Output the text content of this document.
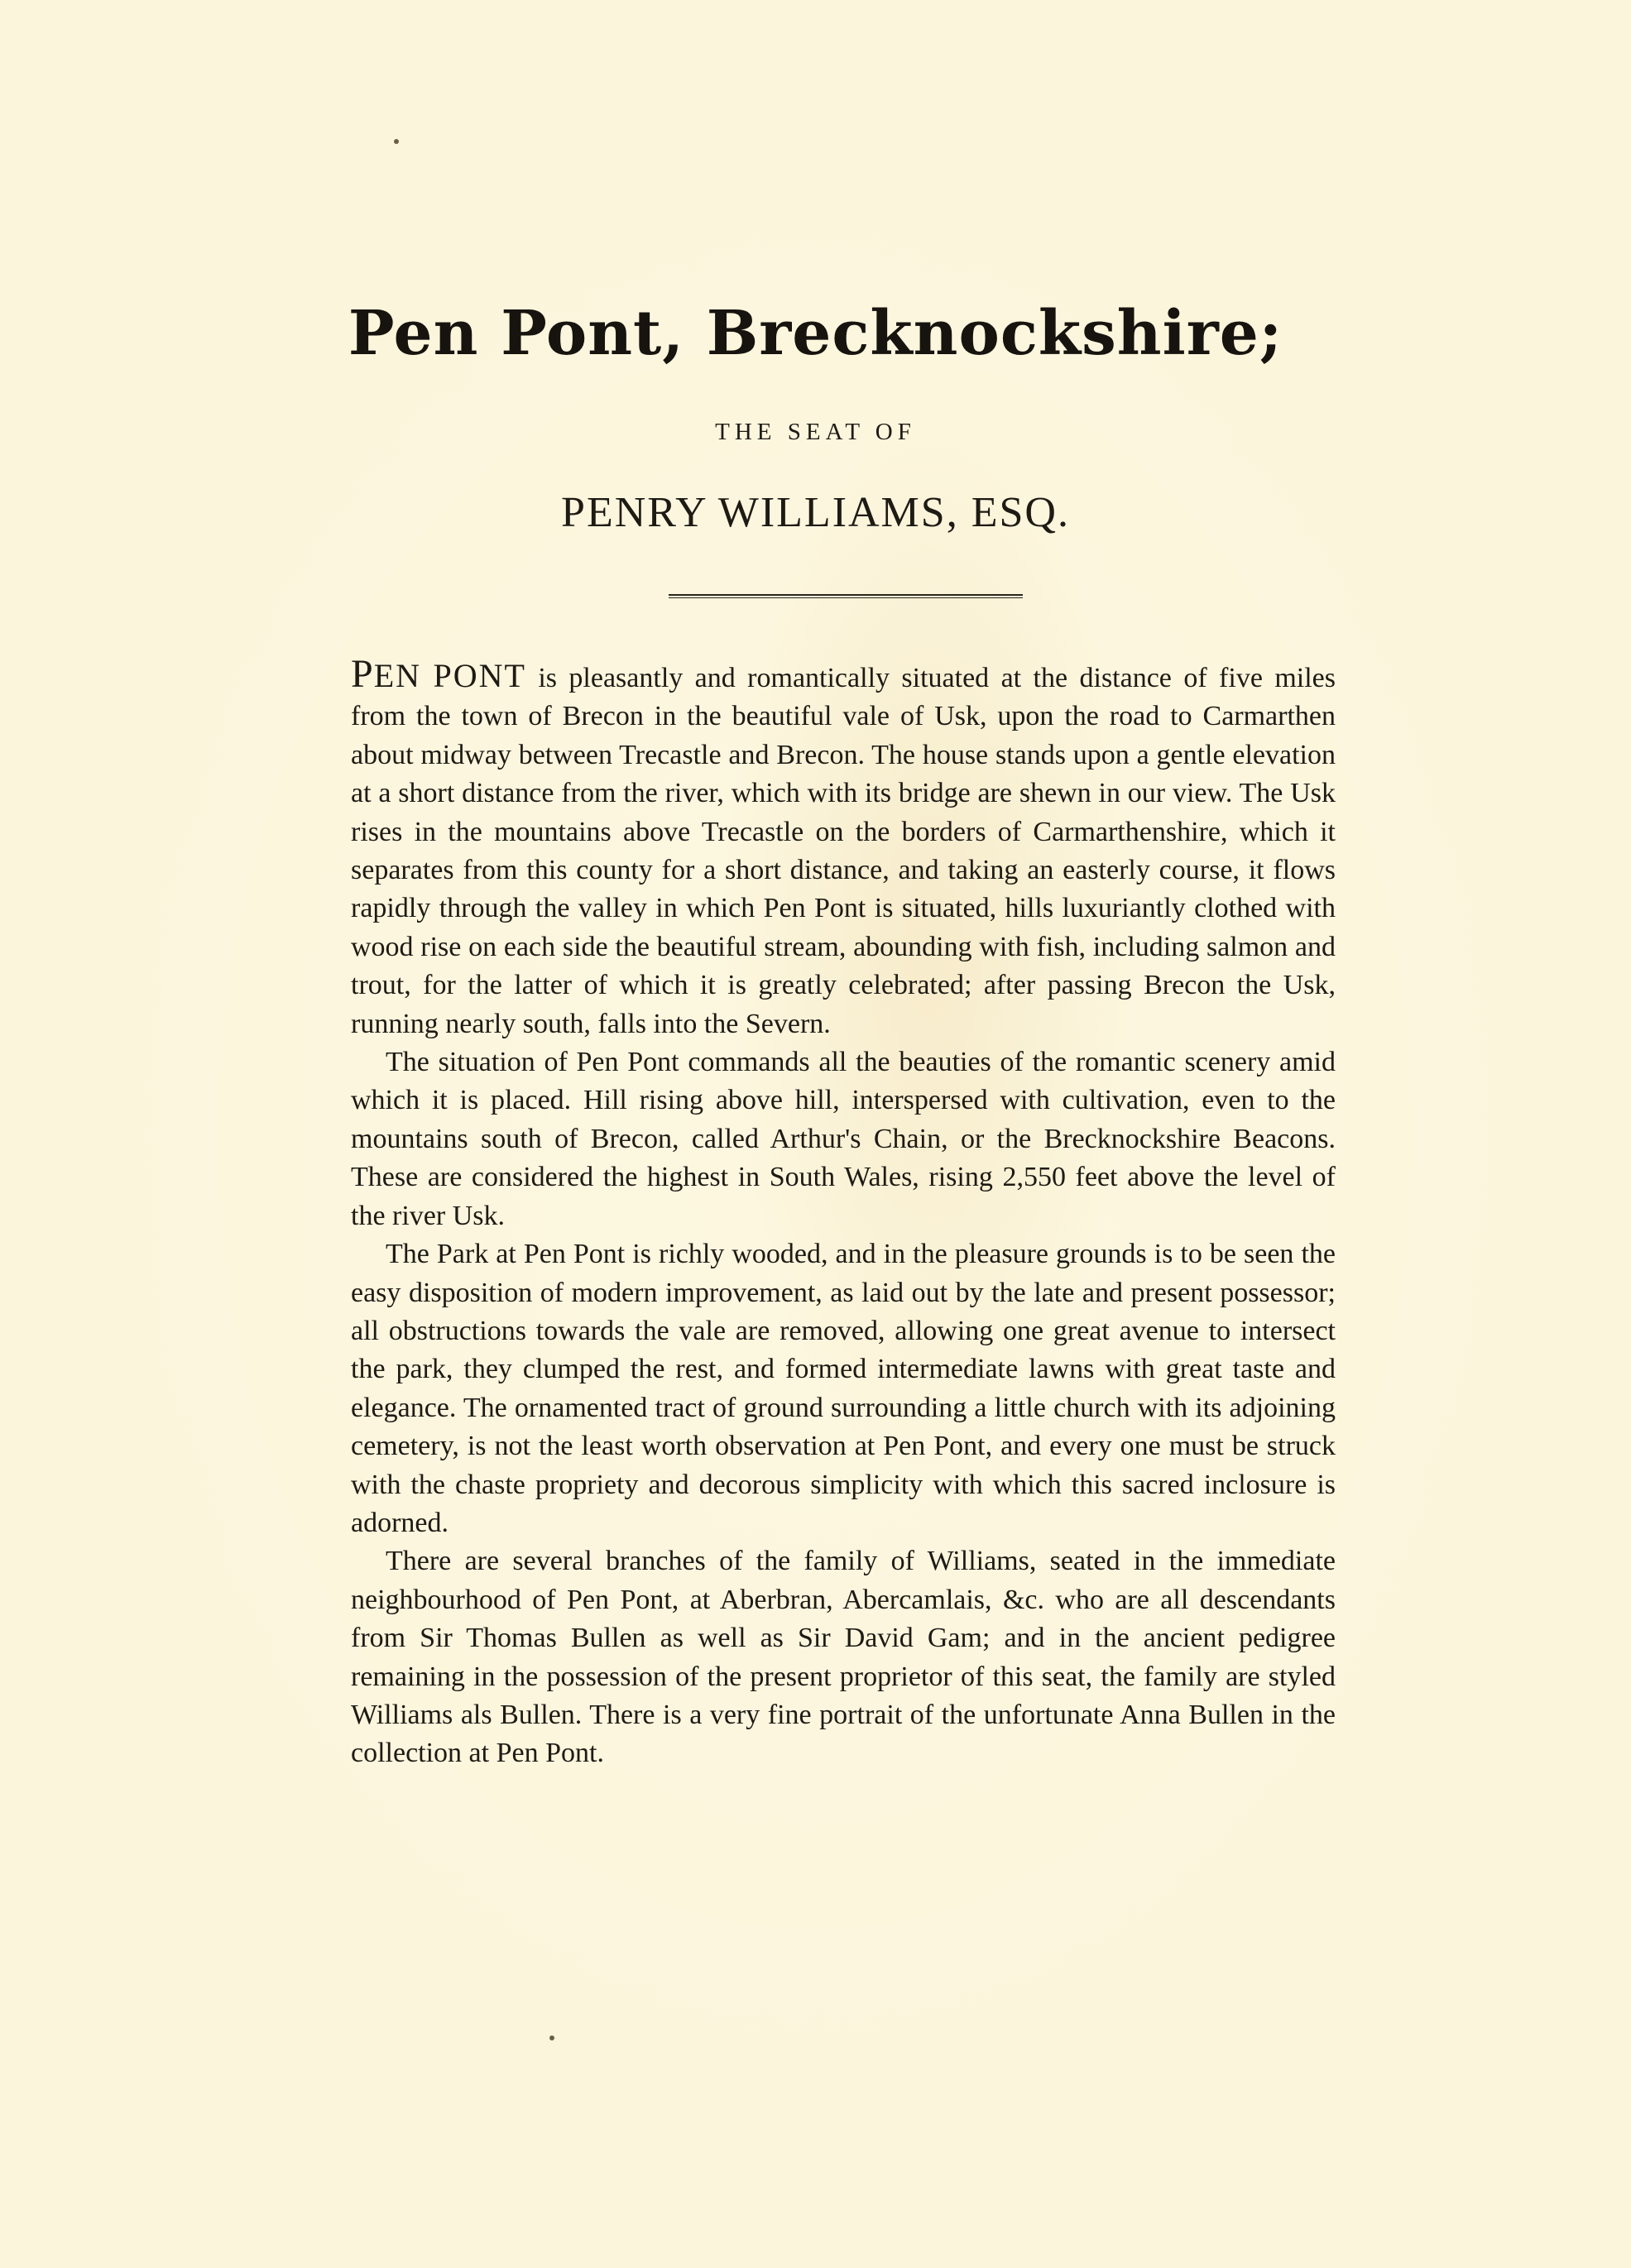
Pen Pont, Brecknockshire;
THE SEAT OF
PENRY WILLIAMS, ESQ.

PEN PONT is pleasantly and romantically situated at the distance of five miles from the town of Brecon in the beautiful vale of Usk, upon the road to Carmarthen about midway between Trecastle and Brecon. The house stands upon a gentle elevation at a short distance from the river, which with its bridge are shewn in our view. The Usk rises in the mountains above Trecastle on the borders of Carmarthenshire, which it separates from this county for a short distance, and taking an easterly course, it flows rapidly through the valley in which Pen Pont is situated, hills luxuriantly clothed with wood rise on each side the beautiful stream, abounding with fish, including salmon and trout, for the latter of which it is greatly celebrated; after passing Brecon the Usk, running nearly south, falls into the Severn.

The situation of Pen Pont commands all the beauties of the romantic scenery amid which it is placed. Hill rising above hill, interspersed with cultivation, even to the mountains south of Brecon, called Arthur's Chain, or the Brecknockshire Beacons. These are considered the highest in South Wales, rising 2,550 feet above the level of the river Usk.

The Park at Pen Pont is richly wooded, and in the pleasure grounds is to be seen the easy disposition of modern improvement, as laid out by the late and present possessor; all obstructions towards the vale are removed, allowing one great avenue to intersect the park, they clumped the rest, and formed intermediate lawns with great taste and elegance. The ornamented tract of ground surrounding a little church with its adjoining cemetery, is not the least worth observation at Pen Pont, and every one must be struck with the chaste propriety and decorous simplicity with which this sacred inclosure is adorned.

There are several branches of the family of Williams, seated in the immediate neighbourhood of Pen Pont, at Aberbran, Abercamlais, &c. who are all descendants from Sir Thomas Bullen as well as Sir David Gam; and in the ancient pedigree remaining in the possession of the present proprietor of this seat, the family are styled Williams als Bullen. There is a very fine portrait of the unfortunate Anna Bullen in the collection at Pen Pont.
